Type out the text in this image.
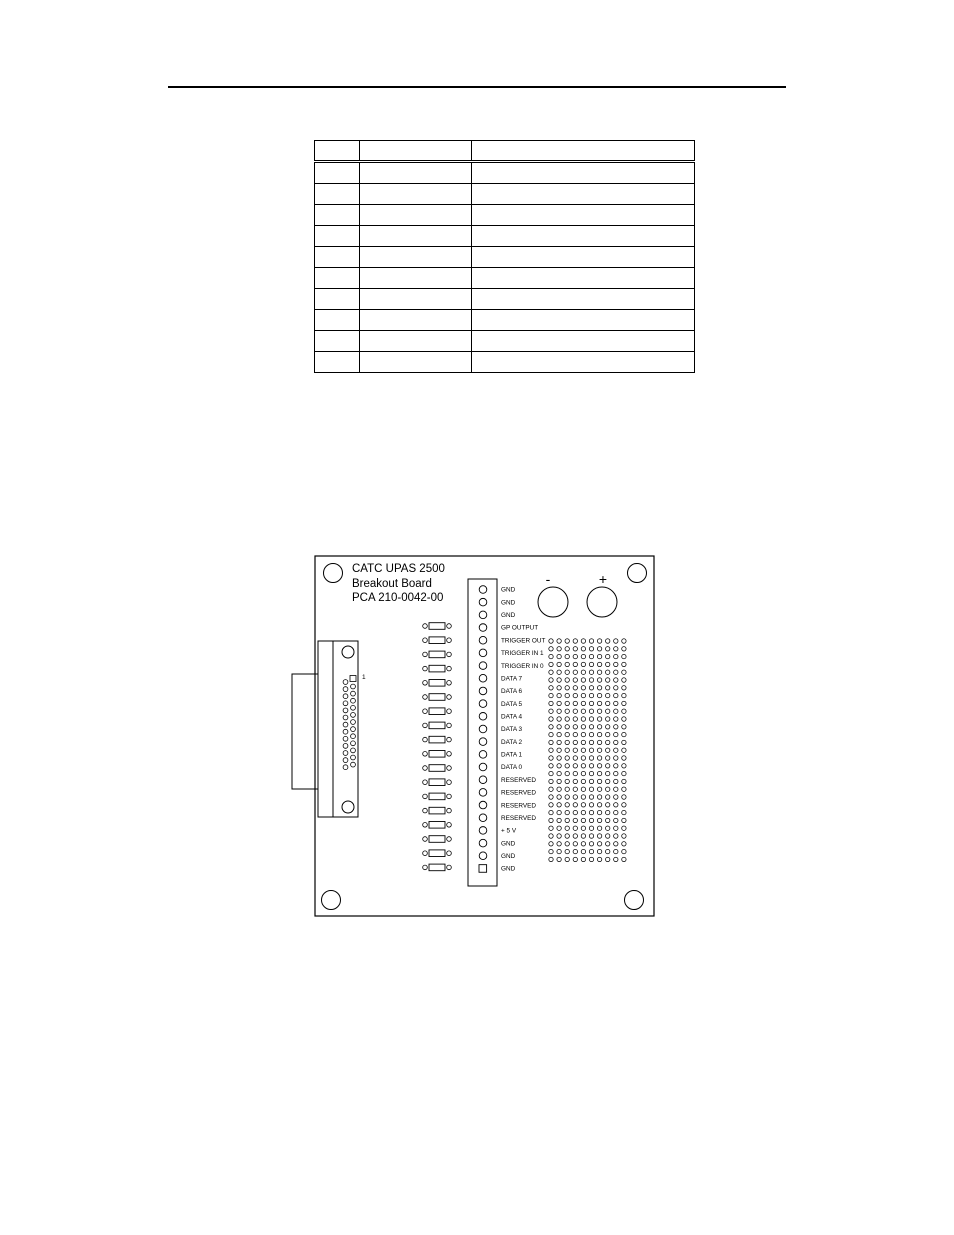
CATC UPAS 2500
Breakout Board
PCA 210-0042-00
-	+
1
GND
GND
GND
GP OUTPUT
TRIGGER OUT
TRIGGER IN 1
TRIGGER IN 0
DATA 7
DATA 6
DATA 5
DATA 4
DATA 3
DATA 2
DATA 1
DATA 0
RESERVED
RESERVED
RESERVED
RESERVED
+ 5 V
GND
GND
GND
